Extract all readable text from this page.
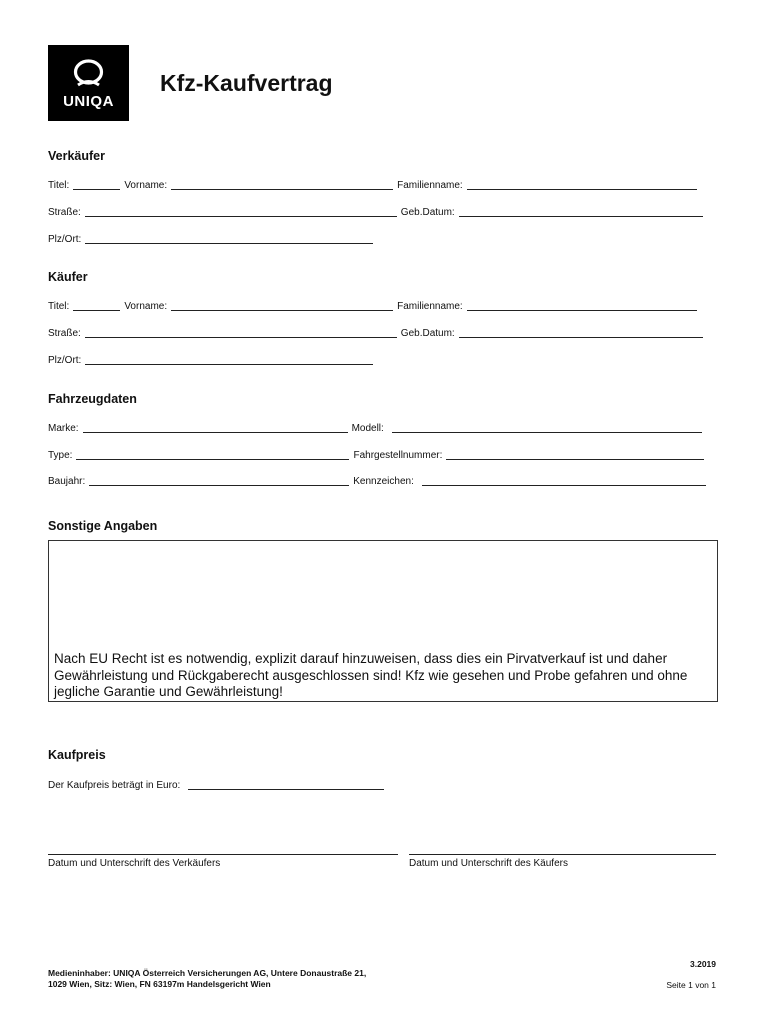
UNIQA
Kfz-Kaufvertrag
Verkäufer
Titel:	Vorname:	Familienname:
Straße:	Geb.Datum:
Plz/Ort:
Käufer
Titel:	Vorname:	Familienname:
Straße:	Geb.Datum:
Plz/Ort:
Fahrzeugdaten
Marke:	Modell:
Type:	Fahrgestellnummer:
Baujahr:	Kennzeichen:
Sonstige Angaben
Nach EU Recht ist es notwendig, explizit darauf hinzuweisen, dass dies ein Pirvatverkauf ist und daher Gewährleistung und Rückgaberecht ausgeschlossen sind! Kfz wie gesehen und Probe gefahren und ohne jegliche Garantie und Gewährleistung!
Kaufpreis
Der Kaufpreis beträgt in Euro:
Datum und Unterschrift des Verkäufers	Datum und Unterschrift des Käufers
Medieninhaber: UNIQA Österreich Versicherungen AG, Untere Donaustraße 21,
1029 Wien, Sitz: Wien, FN 63197m Handelsgericht Wien
3.2019
Seite 1 von 1
